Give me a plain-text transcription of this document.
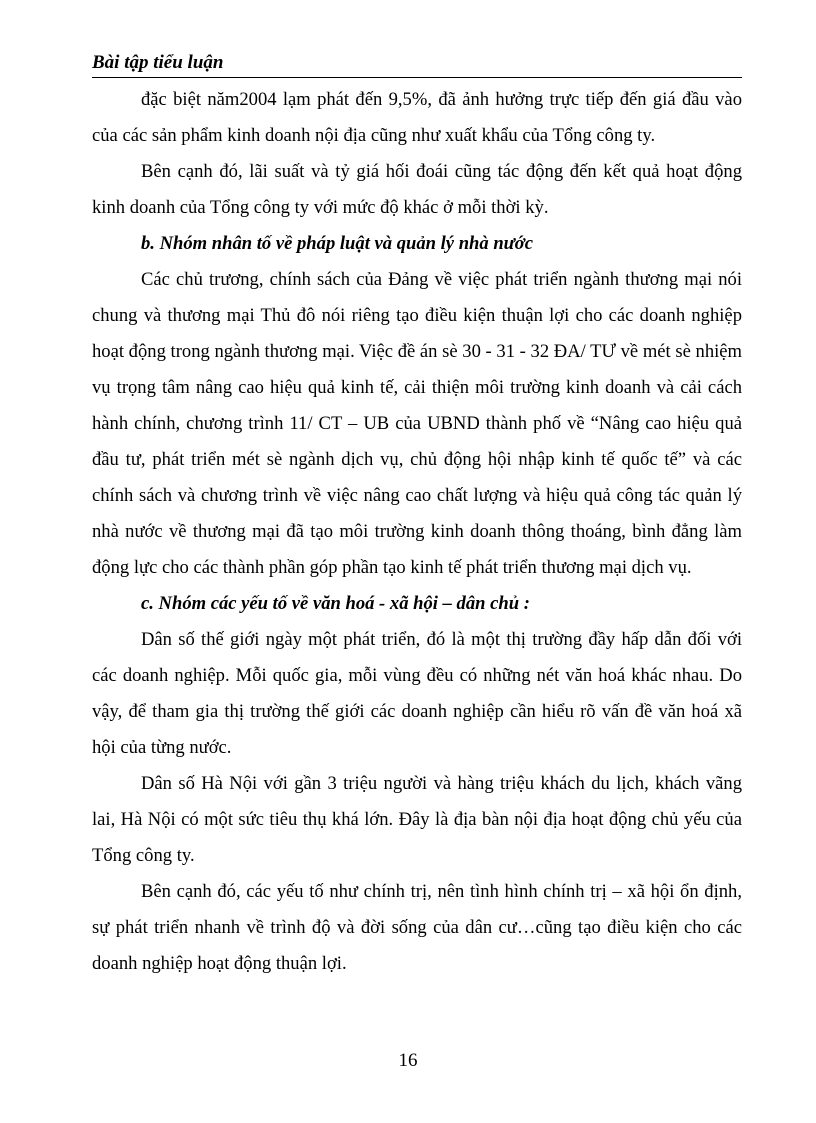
Bài tập tiểu luận

đặc biệt năm2004 lạm phát đến 9,5%, đã ảnh hưởng trực tiếp đến giá đầu vào của các sản phẩm kinh doanh nội địa cũng như xuất khẩu của Tổng công ty.

Bên cạnh đó, lãi suất và tỷ giá hối đoái cũng tác động đến kết quả hoạt động kinh doanh của Tổng công ty với mức độ khác ở mỗi thời kỳ.

b. Nhóm nhân tố về pháp luật và quản lý nhà nước

Các chủ trương, chính sách của Đảng về việc phát triển ngành thương mại nói chung và thương mại Thủ đô nói riêng tạo điều kiện thuận lợi cho các doanh nghiệp hoạt động trong ngành thương mại. Việc đề án sè 30 - 31 - 32 ĐA/ TƯ về mét sè nhiệm vụ trọng tâm nâng cao hiệu quả kinh tế, cải thiện môi trường kinh doanh và cải cách hành chính, chương trình 11/ CT – UB của UBND thành phố về “Nâng cao hiệu quả đầu tư, phát triển mét sè ngành dịch vụ, chủ động hội nhập kinh tế quốc tế” và các chính sách và chương trình về việc nâng cao chất lượng và hiệu quả công tác quản lý nhà nước về thương mại đã tạo môi trường kinh doanh thông thoáng, bình đẳng làm động lực cho các thành phần góp phần tạo kinh tế phát triển thương mại dịch vụ.

c. Nhóm các yếu tố về văn hoá - xã hội – dân chủ :

Dân số thế giới ngày một phát triển, đó là một thị trường đầy hấp dẫn đối với các doanh nghiệp. Mỗi quốc gia, mỗi vùng đều có những nét văn hoá khác nhau. Do vậy, để tham gia thị trường thế giới các doanh nghiệp cần hiểu rõ vấn đề văn hoá xã hội của từng nước.

Dân số Hà Nội với gần 3 triệu người và hàng triệu khách du lịch, khách vãng lai, Hà Nội có một sức tiêu thụ khá lớn. Đây là địa bàn nội địa hoạt động chủ yếu của Tổng công ty.

Bên cạnh đó, các yếu tố như chính trị, nên tình hình chính trị – xã hội ổn định, sự phát triển nhanh về trình độ và đời sống của dân cư…cũng tạo điều kiện cho các doanh nghiệp hoạt động thuận lợi.

16
